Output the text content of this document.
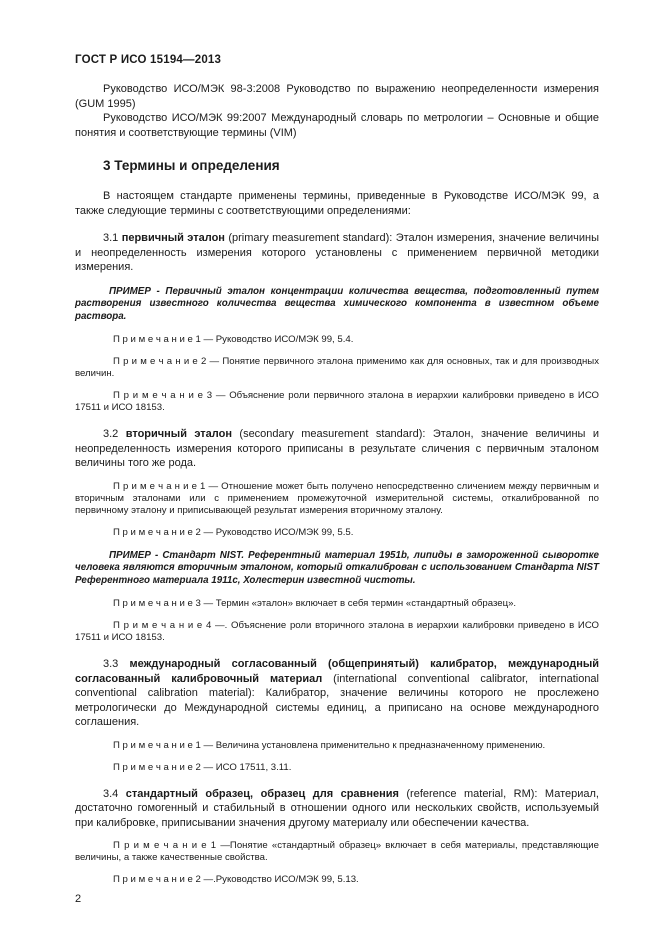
ГОСТ Р ИСО 15194—2013

Руководство ИСО/МЭК 98-3:2008 Руководство по выражению неопределенности измерения (GUM 1995)

Руководство ИСО/МЭК 99:2007 Международный словарь по метрологии – Основные и общие понятия и соответствующие термины (VIM)

3 Термины и определения

В настоящем стандарте применены термины, приведенные в Руководстве ИСО/МЭК 99, а также следующие термины с соответствующими определениями:

3.1 первичный эталон (primary measurement standard): Эталон измерения, значение величины и неопределенность измерения которого установлены с применением первичной методики измерения.

ПРИМЕР - Первичный эталон концентрации количества вещества, подготовленный путем растворения известного количества вещества химического компонента в известном объеме раствора.

П р и м е ч а н и е 1 — Руководство ИСО/МЭК 99, 5.4.

П р и м е ч а н и е 2 — Понятие первичного эталона применимо как для основных, так и для производных величин.

П р и м е ч а н и е 3 — Объяснение роли первичного эталона в иерархии калибровки приведено в ИСО 17511 и ИСО 18153.

3.2 вторичный эталон (secondary measurement standard): Эталон, значение величины и неопределенность измерения которого приписаны в результате сличения с первичным эталоном величины того же рода.

П р и м е ч а н и е 1 — Отношение может быть получено непосредственно сличением между первичным и вторичным эталонами или с применением промежуточной измерительной системы, откалиброванной по первичному эталону и приписывающей результат измерения вторичному эталону.

П р и м е ч а н и е 2 — Руководство ИСО/МЭК 99, 5.5.

ПРИМЕР - Стандарт NIST. Референтный материал 1951b, липиды в замороженной сыворотке человека являются вторичным эталоном, который откалиброван с использованием Стандарта NIST Референтного материала 1911c, Холестерин известной чистоты.

П р и м е ч а н и е 3 — Термин «эталон» включает в себя термин «стандартный образец».

П р и м е ч а н и е 4 —. Объяснение роли вторичного эталона в иерархии калибровки приведено в ИСО 17511 и ИСО 18153.

3.3 международный согласованный (общепринятый) калибратор, международный согласованный калибровочный материал (international conventional calibrator, international conventional calibration material): Калибратор, значение величины которого не прослежено метрологически до Международной системы единиц, а приписано на основе международного соглашения.

П р и м е ч а н и е 1 — Величина установлена применительно к предназначенному применению.

П р и м е ч а н и е 2 — ИСО 17511, 3.11.

3.4 стандартный образец, образец для сравнения (reference material, RM): Материал, достаточно гомогенный и стабильный в отношении одного или нескольких свойств, используемый при калибровке, приписывании значения другому материалу или обеспечении качества.

П р и м е ч а н и е 1 —Понятие «стандартный образец» включает в себя материалы, представляющие величины, а также качественные свойства.

П р и м е ч а н и е 2 —.Руководство ИСО/МЭК 99, 5.13.

2
